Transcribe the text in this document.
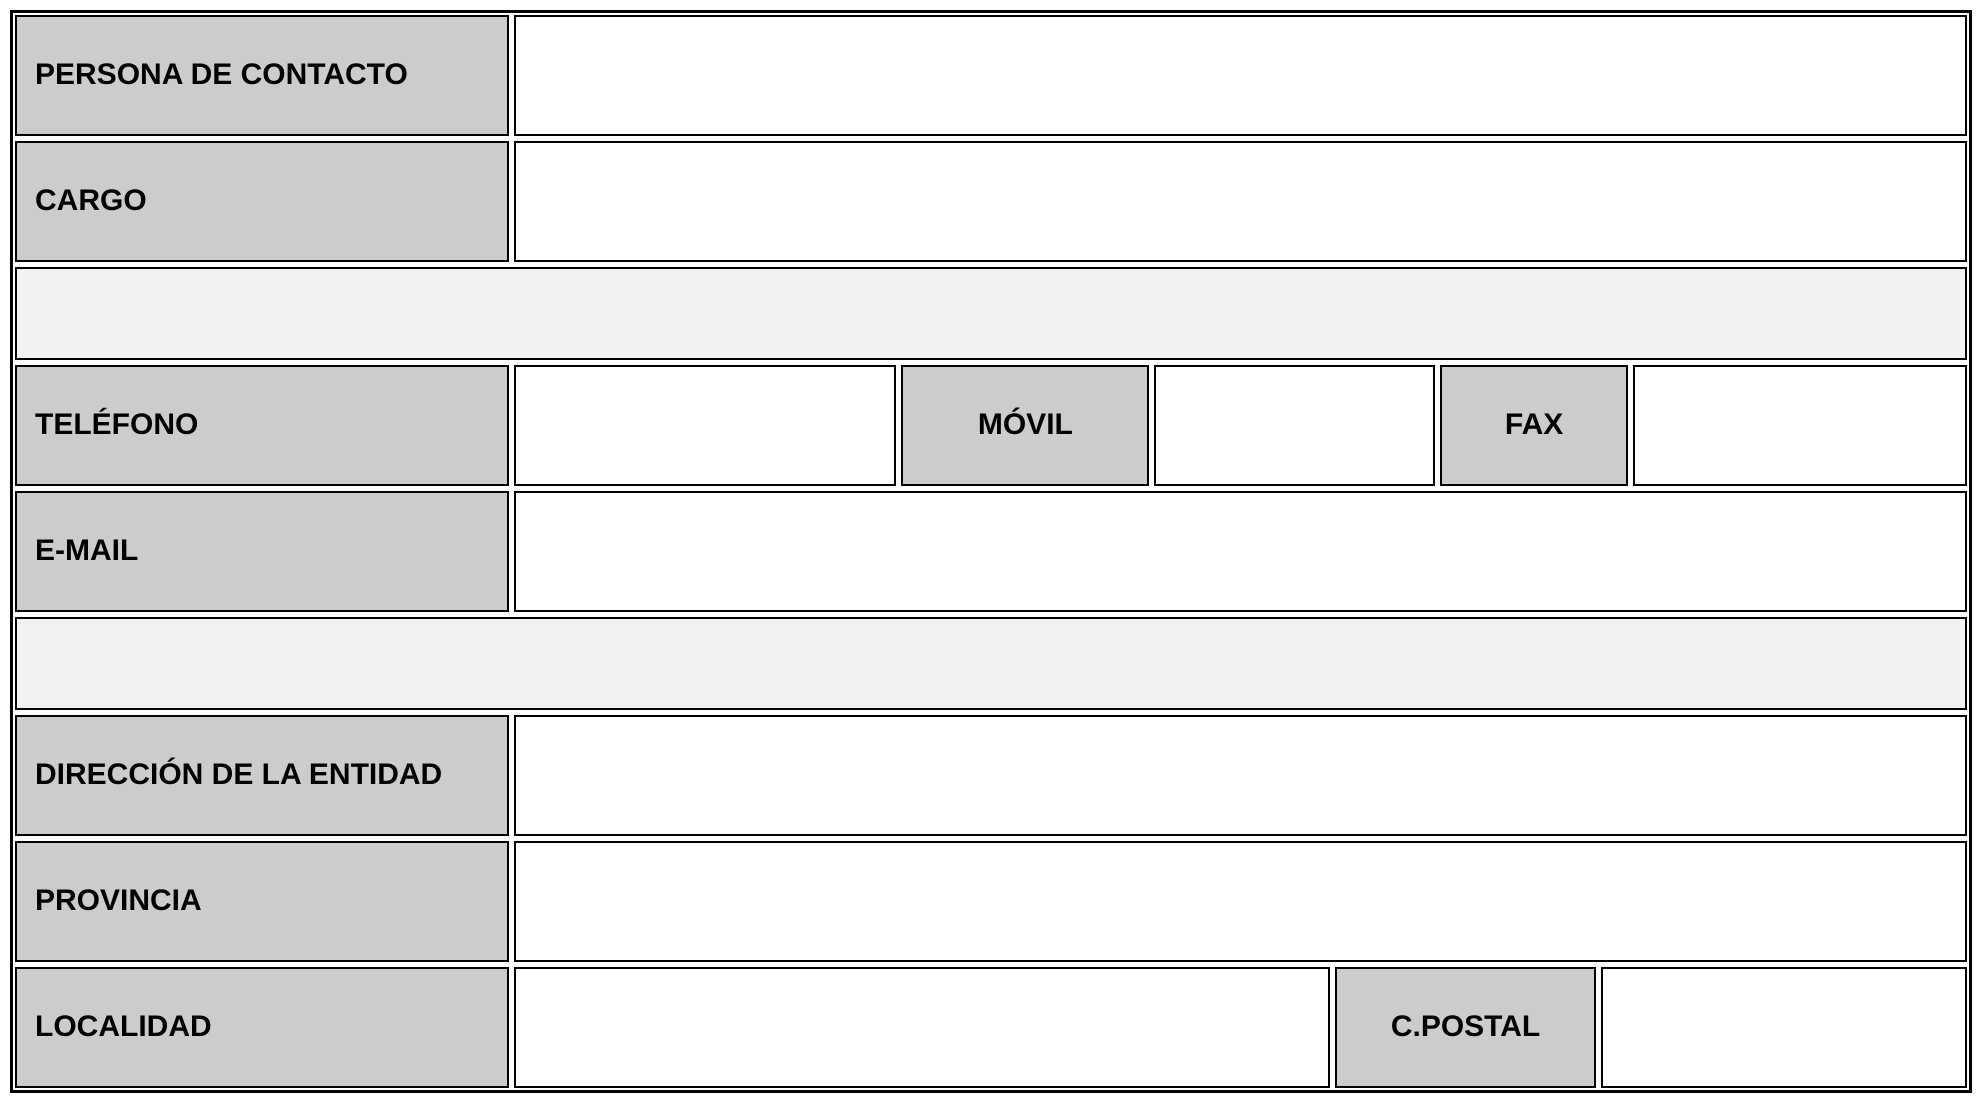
PERSONA DE CONTACTO
CARGO
TELÉFONO	MÓVIL	FAX
E-MAIL
DIRECCIÓN DE LA ENTIDAD
PROVINCIA
LOCALIDAD	C.POSTAL
